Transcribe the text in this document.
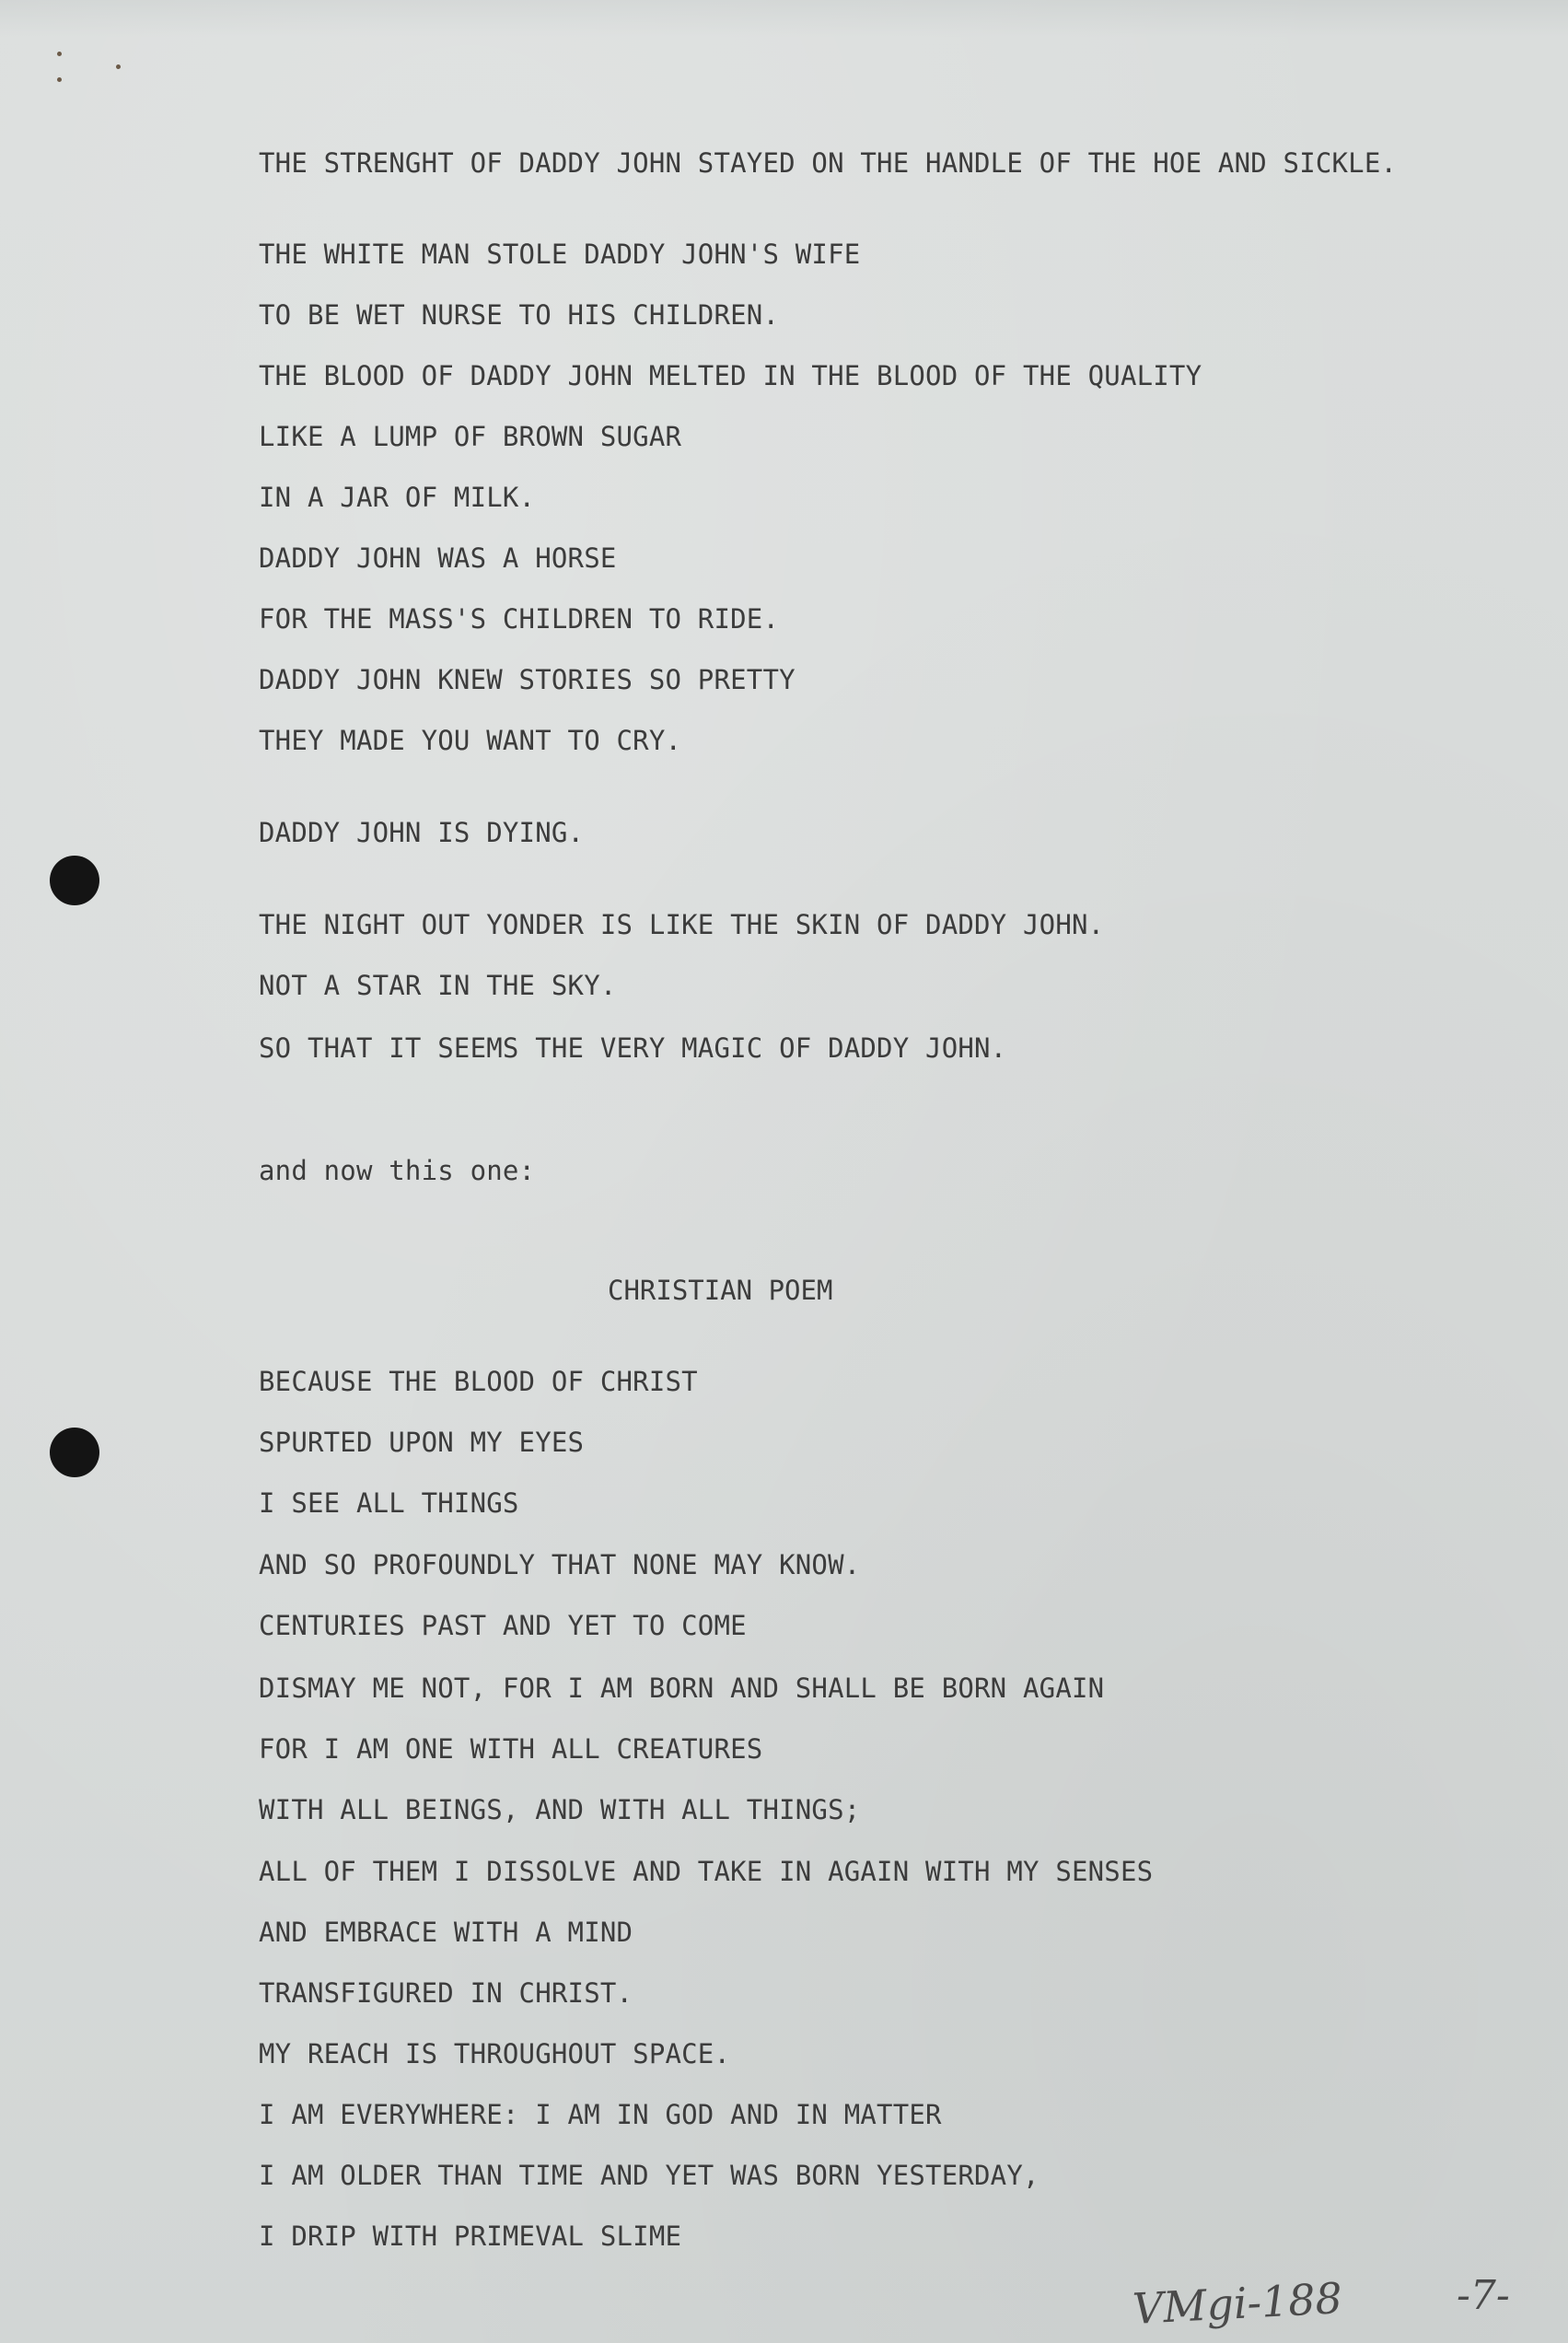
THE STRENGHT OF DADDY JOHN STAYED ON THE HANDLE OF THE HOE AND SICKLE.
THE WHITE MAN STOLE DADDY JOHN'S WIFE
TO BE WET NURSE TO HIS CHILDREN.
THE BLOOD OF DADDY JOHN MELTED IN THE BLOOD OF THE QUALITY
LIKE A LUMP OF BROWN SUGAR
IN A JAR OF MILK.
DADDY JOHN WAS A HORSE
FOR THE MASS'S CHILDREN TO RIDE.
DADDY JOHN KNEW STORIES SO PRETTY
THEY MADE YOU WANT TO CRY.
DADDY JOHN IS DYING.
THE NIGHT OUT YONDER IS LIKE THE SKIN OF DADDY JOHN.
NOT A STAR IN THE SKY.
SO THAT IT SEEMS THE VERY MAGIC OF DADDY JOHN.
and now this one:
CHRISTIAN POEM
BECAUSE THE BLOOD OF CHRIST
SPURTED UPON MY EYES
I SEE ALL THINGS
AND SO PROFOUNDLY THAT NONE MAY KNOW.
CENTURIES PAST AND YET TO COME
DISMAY ME NOT, FOR I AM BORN AND SHALL BE BORN AGAIN
FOR I AM ONE WITH ALL CREATURES
WITH ALL BEINGS, AND WITH ALL THINGS;
ALL OF THEM I DISSOLVE AND TAKE IN AGAIN WITH MY SENSES
AND EMBRACE WITH A MIND
TRANSFIGURED IN CHRIST.
MY REACH IS THROUGHOUT SPACE.
I AM EVERYWHERE: I AM IN GOD AND IN MATTER
I AM OLDER THAN TIME AND YET WAS BORN YESTERDAY,
I DRIP WITH PRIMEVAL SLIME
VMgi-188	-7-
